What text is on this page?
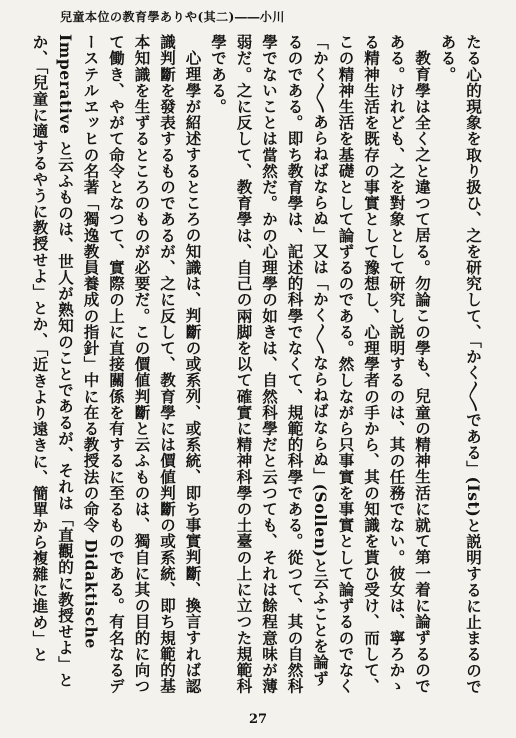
兒童本位の教育學ありや(其二)――小川

たる心的現象を取り扱ひ、之を研究して、「かく〳〵である」(Ist)と説明するに止まるのである。

教育學は全く之と違つて居る。勿論この學も、兒童の精神生活に就て第一着に論ずるのである。けれども、之を對象として研究し説明するのは、其の任務でない。彼女は、寧ろかゝる精神生活を既存の事實として豫想し、心理學者の手から、其の知識を貰ひ受け、而して、この精神生活を基礎として論ずるのである。然しながら只事實を事實として論ずるのでなく「かく〳〵あらねばならぬ」又は「かく〳〵ならねばならぬ」(Sollen)と云ふことを論ずるのである。即ち教育學は、記述的科學でなくて、規範的科學である。從つて、其の自然科學でないことは當然だ。かの心理學の如きは、自然科學だと云つても、それは餘程意味が薄弱だ。之に反して、教育學は、自己の兩脚を以て確實に精神科學の土臺の上に立つた規範科學である。

心理學が紹述するところの知識は、判斷の或系列、或系統、即ち事實判斷、換言すれば認識判斷を發表するものであるが、之に反して、教育學には價値判斷の或系統、即ち規範的基本知識を生ずるところのものが必要だ。この價値判斷と云ふものは、獨自に其の目的に向つて働き、やがて命令となつて、實際の上に直接關係を有するに至るものである。有名なるデーステルヱッヒの名著「獨逸教員養成の指針」中に在る教授法の命令 Didaktische Imperative と云ふものは、世人が熟知のことであるが、それは「直觀的に教授せよ」とか、「兒童に適するやうに教授せよ」とか、「近きより遠きに、簡單から複雜に進め」と

27
